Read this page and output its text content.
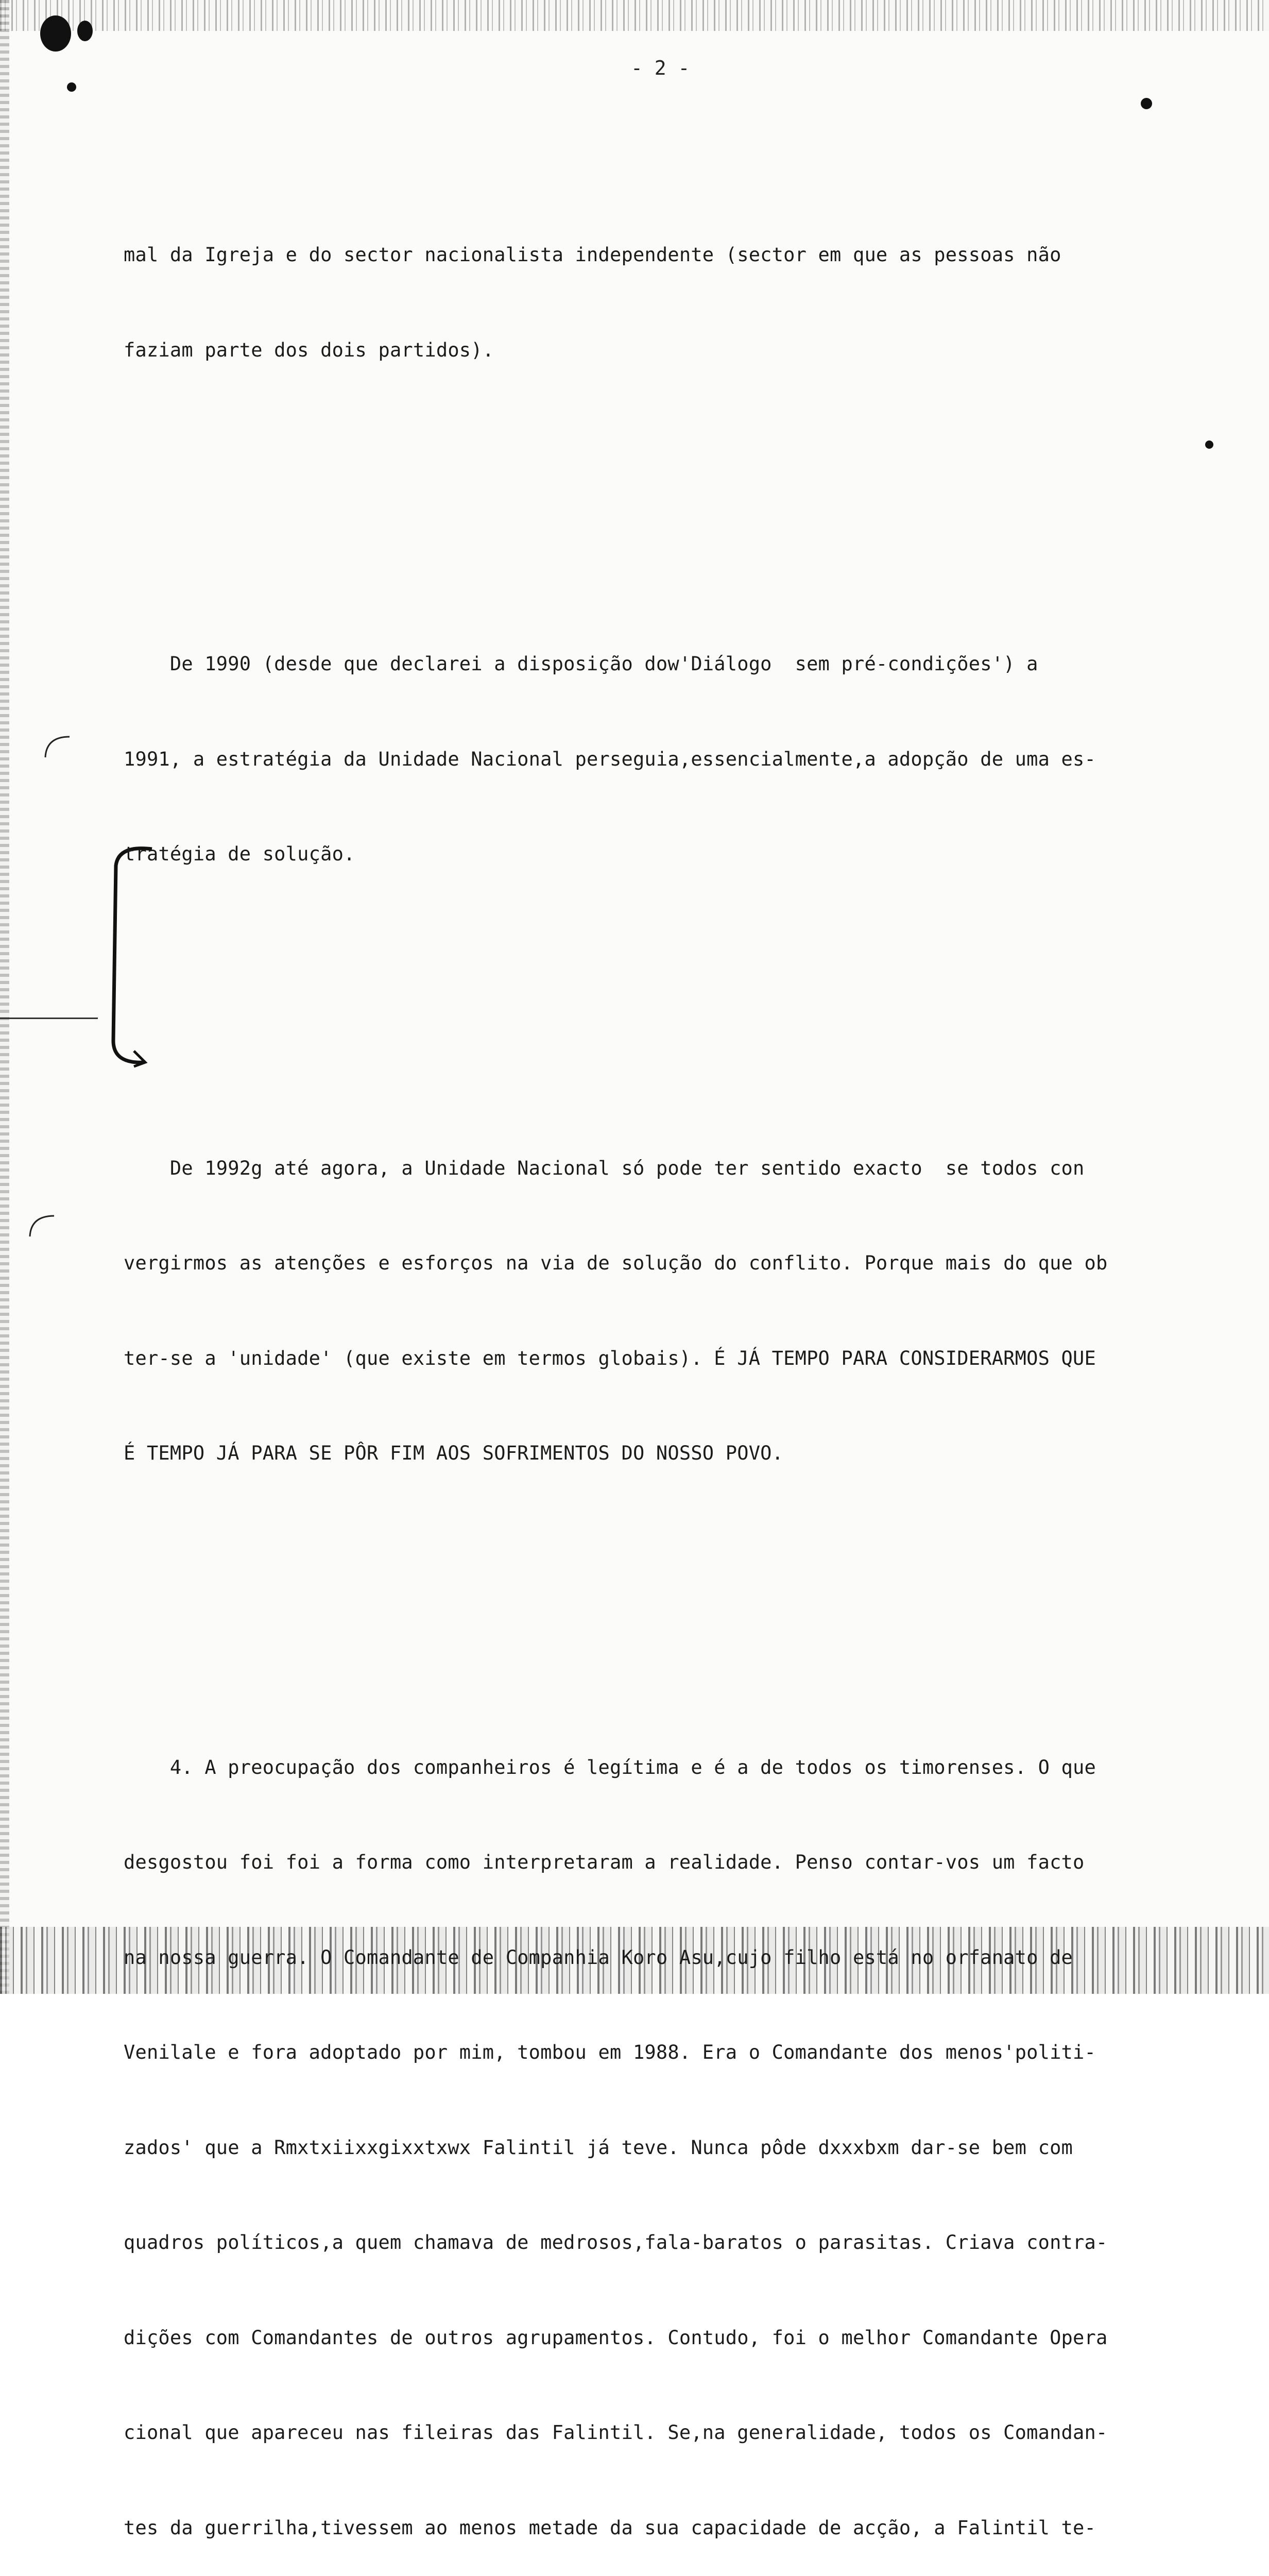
- 2 -

mal da Igreja e do sector nacionalista independente (sector em que as pessoas não

faziam parte dos dois partidos).

De 1990 (desde que declarei a disposição dow'Diálogo  sem pré-condições') a

1991, a estratégia da Unidade Nacional perseguia,essencialmente,a adopção de uma es-

tratégia de solução.

De 1992g até agora, a Unidade Nacional só pode ter sentido exacto  se todos con

vergirmos as atenções e esforços na via de solução do conflito. Porque mais do que ob

ter-se a 'unidade' (que existe em termos globais). É JÁ TEMPO PARA CONSIDERARMOS QUE

É TEMPO JÁ PARA SE PÔR FIM AOS SOFRIMENTOS DO NOSSO POVO.

4. A preocupação dos companheiros é legítima e é a de todos os timorenses. O que

desgostou foi foi a forma como interpretaram a realidade. Penso contar-vos um facto

na nossa guerra. O Comandante de Companhia Koro Asu,cujo filho está no orfanato de

Venilale e fora adoptado por mim, tombou em 1988. Era o Comandante dos menos'politi-

zados' que a Rmxtxiixxgixxtxwx Falintil já teve. Nunca pôde dxxxbxm dar-se bem com

quadros políticos,a quem chamava de medrosos,fala-baratos o parasitas. Criava contra-

dições com Comandantes de outros agrupamentos. Contudo, foi o melhor Comandante Opera

cional que apareceu nas fileiras das Falintil. Se,na generalidade, todos os Comandan-

tes da guerrilha,tivessem ao menos metade da sua capacidade de acção, a Falintil te-
